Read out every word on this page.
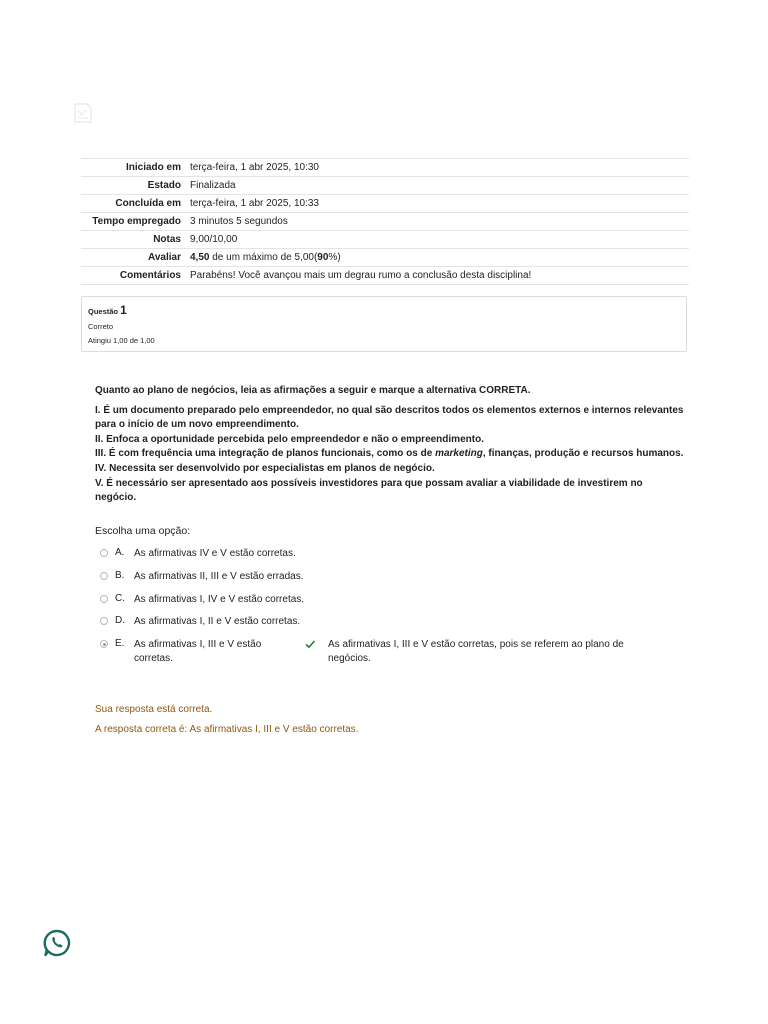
Iniciado em	terça-feira, 1 abr 2025, 10:30
Estado	Finalizada
Concluída em	terça-feira, 1 abr 2025, 10:33
Tempo empregado	3 minutos 5 segundos
Notas	9,00/10,00
Avaliar	4,50 de um máximo de 5,00(90%)
Comentários	Parabéns! Você avançou mais um degrau rumo a conclusão desta disciplina!
Questão 1
Correto
Atingiu 1,00 de 1,00

Quanto ao plano de negócios, leia as afirmações a seguir e marque a alternativa CORRETA.

I. É um documento preparado pelo empreendedor, no qual são descritos todos os elementos externos e internos relevantes para o início de um novo empreendimento.

II. Enfoca a oportunidade percebida pelo empreendedor e não o empreendimento.

III. É com frequência uma integração de planos funcionais, como os de marketing, finanças, produção e recursos humanos.

IV. Necessita ser desenvolvido por especialistas em planos de negócio.

V. É necessário ser apresentado aos possíveis investidores para que possam avaliar a viabilidade de investirem no negócio.

Escolha uma opção:
A. As afirmativas IV e V estão corretas.
B. As afirmativas II, III e V estão erradas.
C. As afirmativas I, IV e V estão corretas.
D. As afirmativas I, II e V estão corretas.
E. As afirmativas I, III e V estão corretas.
As afirmativas I, III e V estão corretas, pois se referem ao plano de negócios.
Sua resposta está correta.
A resposta correta é: As afirmativas I, III e V estão corretas.
